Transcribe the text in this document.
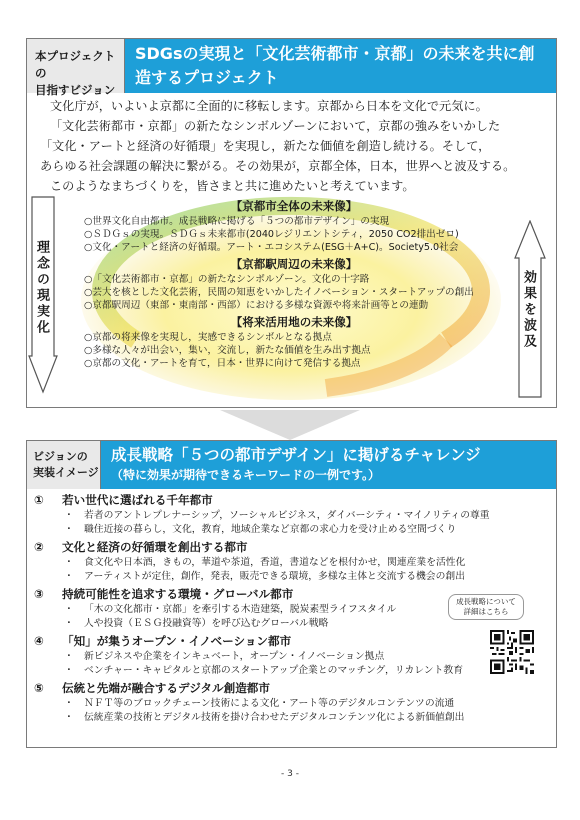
本プロジェクトの
目指すビジョン
SDGsの実現と「文化芸術都市・京都」の未来を共に創造するプロジェクト
文化庁が，いよいよ京都に全面的に移転します。京都から日本を文化で元気に。
「文化芸術都市・京都」の新たなシンボルゾーンにおいて，京都の強みをいかした
「文化・アートと経済の好循環」を実現し，新たな価値を創造し続ける。そして，
あらゆる社会課題の解決に繋がる。その効果が，京都全体，日本，世界へと波及する。
このようなまちづくりを，皆さまと共に進めたいと考えています。
理念の現実化	効果を波及
【京都市全体の未来像】
○世界文化自由都市。成長戦略に掲げる「５つの都市デザイン」の実現
○ＳＤＧｓの実現。ＳＤＧｓ未来都市(2040レジリエントシティ，2050 CO2排出ゼロ)
○文化・アートと経済の好循環。アート・エコシステム(ESG＋A+C)。Society5.0社会
【京都駅周辺の未来像】
○「文化芸術都市・京都」の新たなシンボルゾーン。文化の十字路
○芸大を核とした文化芸術，民間の知恵をいかしたイノベーション・スタートアップの創出
○京都駅周辺（東部・東南部・西部）における多様な資源や将来計画等との連動
【将来活用地の未来像】
○京都の将来像を実現し，実感できるシンボルとなる拠点
○多様な人々が出会い，集い，交流し，新たな価値を生み出す拠点
○京都の文化・アートを育て，日本・世界に向けて発信する拠点
ビジョンの
実装イメージ
成長戦略「５つの都市デザイン」に掲げるチャレンジ
（特に効果が期待できるキーワードの一例です。）
① 若い世代に選ばれる千年都市
・ 若者のアントレプレナーシップ，ソーシャルビジネス，ダイバーシティ・マイノリティの尊重
・ 職住近接の暮らし，文化，教育，地域企業など京都の求心力を受け止める空間づくり
② 文化と経済の好循環を創出する都市
・ 食文化や日本酒，きもの，華道や茶道，香道，書道などを根付かせ，関連産業を活性化
・ アーティストが定住，創作，発表，販売できる環境，多様な主体と交流する機会の創出
③ 持続可能性を追求する環境・グローバル都市
・ 「木の文化都市・京都」を牽引する木造建築，脱炭素型ライフスタイル
・ 人や投資（ＥＳＧ投融資等）を呼び込むグローバル戦略
④ 「知」が集うオープン・イノベーション都市
・ 新ビジネスや企業をインキュベート，オープン・イノベーション拠点
・ ベンチャー・キャピタルと京都のスタートアップ企業とのマッチング，リカレント教育
⑤ 伝統と先端が融合するデジタル創造都市
・ ＮＦＴ等のブロックチェーン技術による文化・アート等のデジタルコンテンツの流通
・ 伝統産業の技術とデジタル技術を掛け合わせたデジタルコンテンツ化による新価値創出
成長戦略について
詳細はこちら
- 3 -
